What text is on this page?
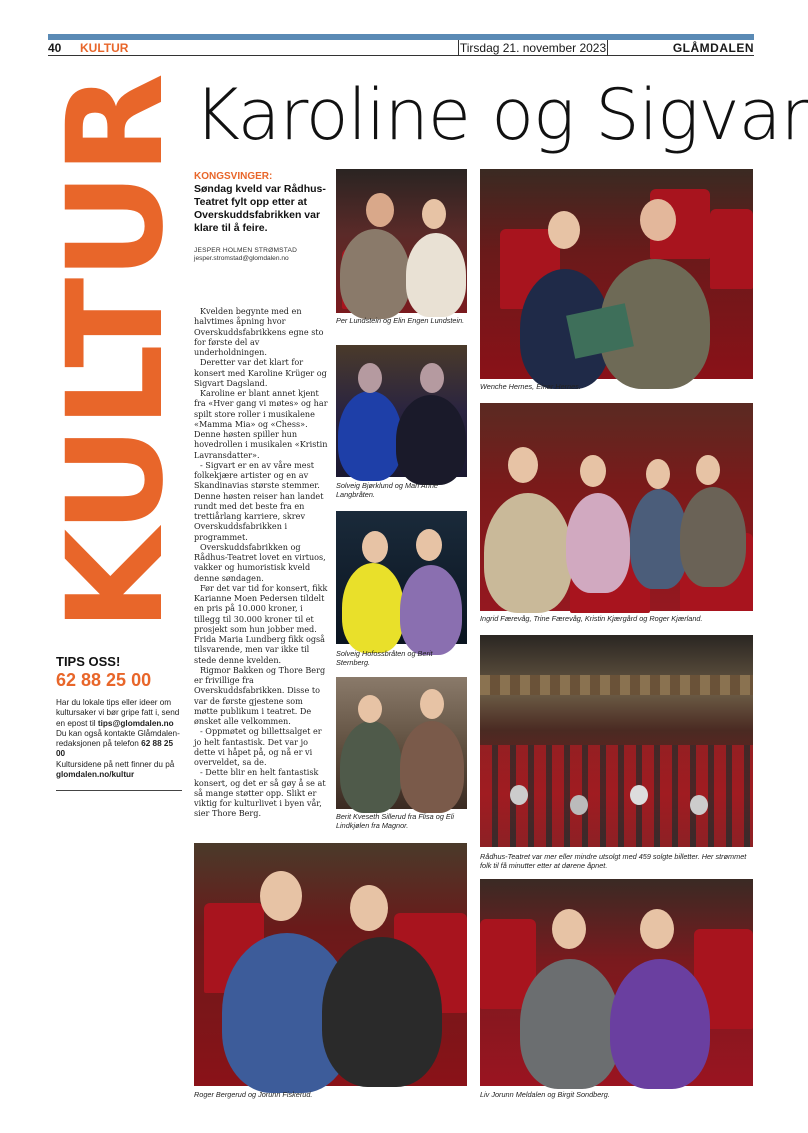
40 KULTUR	Tirsdag 21. november 2023	GLÅMDALEN
KULTUR Karoline og Sigvar
KONGSVINGER:
Søndag kveld var Rådhus-Teatret fylt opp etter at Overskuddsfabrikken var klare til å feire.
JESPER HOLMEN STRØMSTAD
jesper.stromstad@glomdalen.no

Kvelden begynte med en halvtimes åpning hvor Overskuddsfabrikkens egne sto for første del av underholdningen.

Deretter var det klart for konsert med Karoline Krüger og Sigvart Dagsland.

Karoline er blant annet kjent fra «Hver gang vi møtes» og har spilt store roller i musikalene «Mamma Mia» og «Chess». Denne høsten spiller hun hovedrollen i musikalen «Kristin Lavransdatter».

- Sigvart er en av våre mest folkekjære artister og en av Skandinavias største stemmer. Denne høsten reiser han landet rundt med det beste fra en trettiårlang karriere, skrev Overskuddsfabrikken i programmet.

Overskuddsfabrikken og Rådhus-Teatret lovet en virtuos, vakker og humoristisk kveld denne søndagen.

Før det var tid for konsert, fikk Karianne Moen Pedersen tildelt en pris på 10.000 kroner, i tillegg til 30.000 kroner til et prosjekt som hun jobber med. Frida Maria Lundberg fikk også tilsvarende, men var ikke til stede denne kvelden.

Rigmor Bakken og Thore Berg er frivillige fra Overskuddsfabrikken. Disse to var de første gjestene som møtte publikum i teatret. De ønsket alle velkommen.

- Oppmøtet og billettsalget er jo helt fantastisk. Det var jo dette vi håpet på, og nå er vi overveldet, sa de.

- Dette blir en helt fantastisk konsert, og det er så gøy å se at så mange støtter opp. Slikt er viktig for kulturlivet i byen vår, sier Thore Berg.

TIPS OSS!
62 88 25 00
Har du lokale tips eller ideer om kultursaker vi bør gripe fatt i, send en epost til tips@glomdalen.no
Du kan også kontakte Glåmdalen-redaksjonen på telefon 62 88 25 00
Kultursidene på nett finner du på glomdalen.no/kultur
Per Lundstein og Elin Engen Lundstein.
Wenche Hernes, Einar Hernes.
Solveig Bjørklund og Mari Anne Langbråten.
Ingrid Færevåg, Trine Færevåg, Kristin Kjærgård og Roger Kjærland.
Solveig Hofossbråten og Berit Sternberg.
Berit Kveseth Sillerud fra Flisa og Eli Lindkjølen fra Magnor.
Rådhus-Teatret var mer eller mindre utsolgt med 459 solgte billetter. Her strømmet folk til få minutter etter at dørene åpnet.
Roger Bergerud og Jorunn Fiskerud.	Liv Jorunn Meldalen og Birgit Sondberg.
